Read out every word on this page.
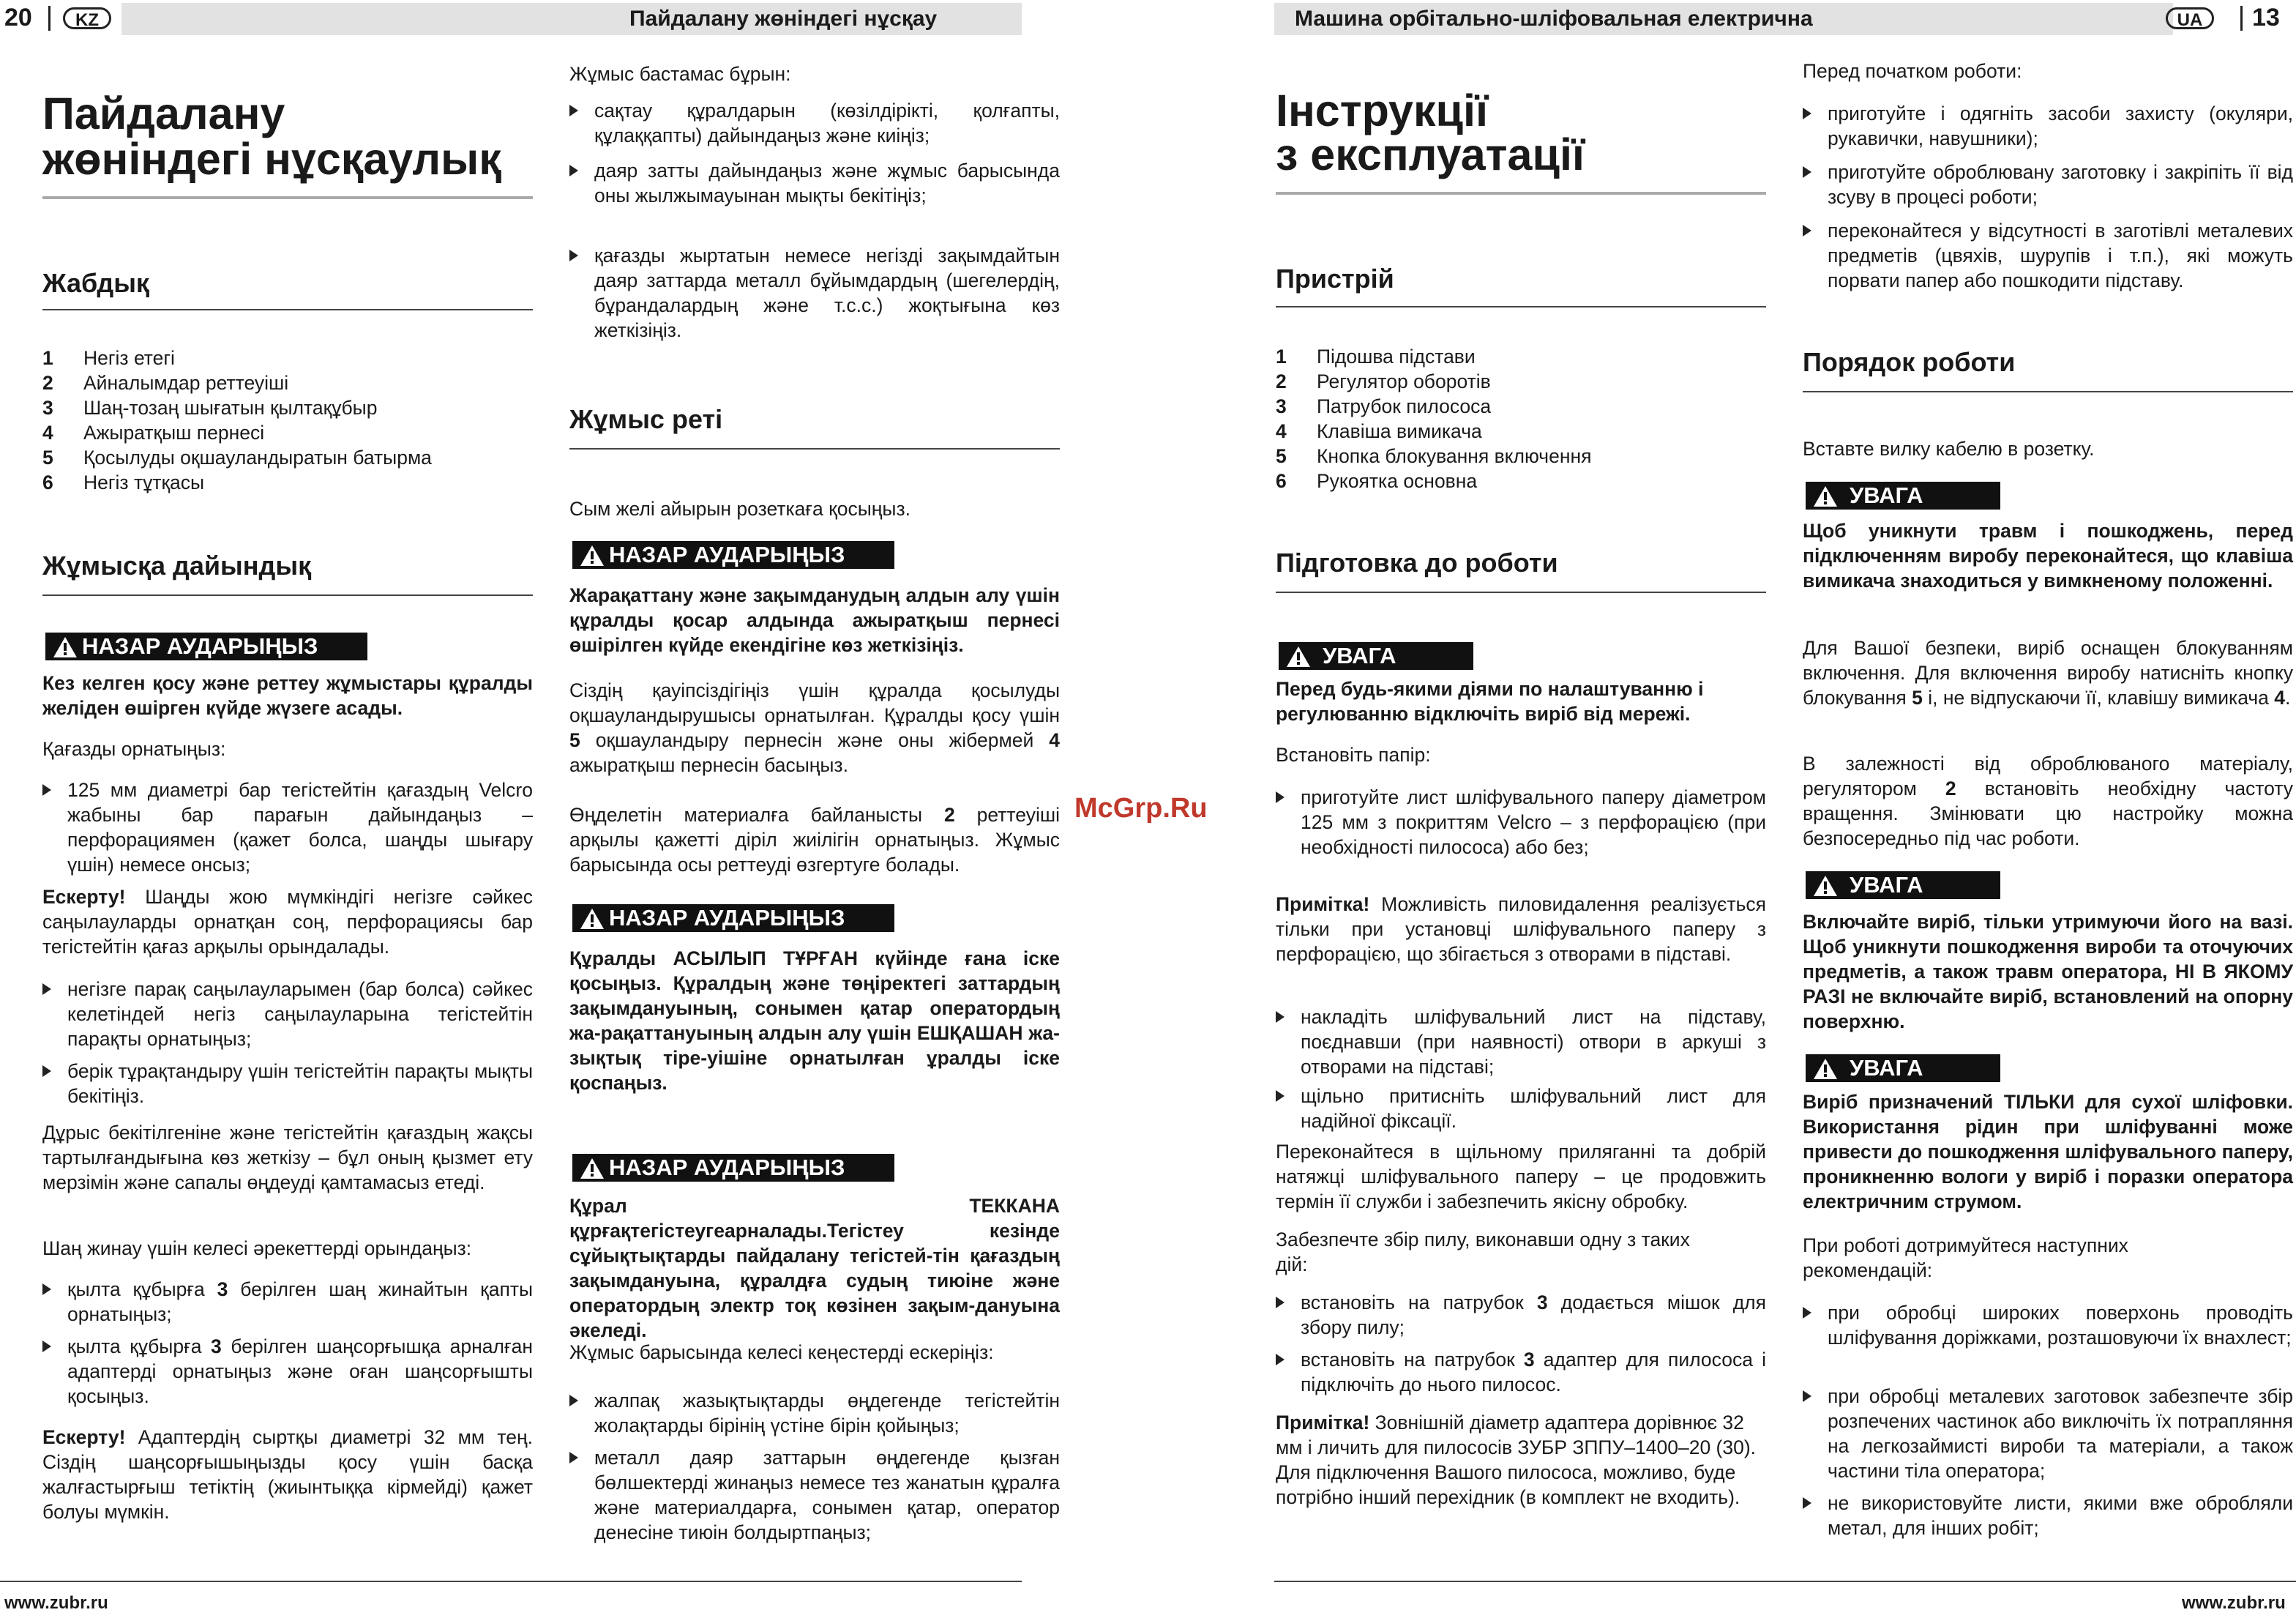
20	KZ	Пайдалану жөніндегі нұсқау
Пайдалану
жөніндегі нұсқаулық
Жабдық
1 Негіз етегі
2 Айналымдар реттеуіші
3 Шаң-тозаң шығатын қылтақұбыр
4 Ажыратқыш пернесі
5 Қосылуды оқшауландыратын батырма
6 Негіз тұтқасы
Жұмысқа дайындық
НАЗАР АУДАРЫҢЫЗ
Кез келген қосу және реттеу жұмыстары құралды желіден өшірген күйде жүзеге асады.
Қағазды орнатыңыз:
125 мм диаметрі бар тегістейтін қағаздың Velcro жабыны бар парағын дайындаңыз – перфорациямен (қажет болса, шаңды шығару үшін) немесе онсыз;
Ескерту! Шаңды жою мүмкіндігі негізге сәйкес саңылауларды орнатқан соң, перфорациясы бар тегістейтін қағаз арқылы орындалады.
негізге парақ саңылауларымен (бар болса) сәйкес келетіндей негіз саңылауларына тегістейтін парақты орнатыңыз;
берік тұрақтандыру үшін тегістейтін парақты мықты бекітіңіз.
Дұрыс бекітілгеніне және тегістейтін қағаздың жақсы тартылғандығына көз жеткізу – бұл оның қызмет ету мерзімін және сапалы өңдеуді қамтамасыз етеді.
Шаң жинау үшін келесі әрекеттерді орындаңыз:
қылта құбырға 3 берілген шаң жинайтын қапты орнатыңыз;
қылта құбырға 3 берілген шаңсорғышқа арналған адаптерді орнатыңыз және оған шаңсорғышты қосыңыз.
Ескерту! Адаптердің сыртқы диаметрі 32 мм тең. Сіздің шаңсорғышыңызды қосу үшін басқа жалғастырғыш тетіктің (жиынтыққа кірмейді) қажет болуы мүмкін.
Жұмыс бастамас бұрын:
сақтау құралдарын (көзілдірікті, қолғапты, құлаққапты) дайындаңыз және киіңіз;
даяр затты дайындаңыз және жұмыс барысында оны жылжымауынан мықты бекітіңіз;
қағазды жыртатын немесе негізді зақымдайтын даяр заттарда металл бұйымдардың (шегелердің, бұрандалардың және т.с.с.) жоқтығына көз жеткізіңіз.
Жұмыс реті
Сым желі айырын розеткаға қосыңыз.
НАЗАР АУДАРЫҢЫЗ
Жарақаттану және зақымданудың алдын алу үшін құралды қосар алдында ажыратқыш пернесі өшірілген күйде екендігіне көз жеткізіңіз.
Сіздің қауіпсіздігіңіз үшін құралда қосылуды оқшауландырушысы орнатылған. Құралды қосу үшін 5 оқшауландыру пернесін және оны жібермей 4 ажыратқыш пернесін басыңыз.
Өңделетін материалға байланысты 2 реттеуіші арқылы қажетті діріл жиілігін орнатыңыз. Жұмыс барысында осы реттеуді өзгертуге болады.
НАЗАР АУДАРЫҢЫЗ
Құралды АСЫЛЫП ТҰРҒАН күйінде ғана іске қосыңыз. Құралдың және төңіректегі заттардың зақымдануының, сонымен қатар оператордың жа-рақаттануының алдын алу үшін ЕШҚАШАН жа-зықтық тіре-уішіне орнатылған ұралды іске қоспаңыз.
НАЗАР АУДАРЫҢЫЗ
Құрал ТЕККАНА құрғақтегістеугеарналады.Тегістеу кезінде сұйықтықтарды пайдалану тегістей-тін қағаздың зақымдануына, құралдға судың тиюіне және оператордың электр тоқ көзінен зақым-дануына әкеледі.
Жұмыс барысында келесі кеңестерді ескеріңіз:
жалпақ жазықтықтарды өңдегенде тегістейтін жолақтарды бірінің үстіне бірін қойыңыз;
металл даяр заттарын өңдегенде қызған бөлшектерді жинаңыз немесе тез жанатын құралға және материалдарға, сонымен қатар, оператор денесіне тиюін болдыртпаңыз;
www.zubr.ru
Машина орбітально-шліфовальная електрична	UA	13
Інструкції
з експлуатації
Пристрій
1 Підошва підстави
2 Регулятор оборотів
3 Патрубок пилососа
4 Клавіша вимикача
5 Кнопка блокування включення
6 Рукоятка основна
Підготовка до роботи
УВАГА
Перед будь-якими діями по налаштуванню і регулюванню відключіть виріб від мережі.
Встановіть папір:
приготуйте лист шліфувального паперу діаметром 125 мм з покриттям Velcro – з перфорацією (при необхідності пилососа) або без;
Примітка! Можливість пиловидалення реалізується тільки при установці шліфувального паперу з перфорацією, що збігається з отворами в підставі.
накладіть шліфувальний лист на підставу, поєднавши (при наявності) отвори в аркуші з отворами на підставі;
щільно притисніть шліфувальний лист для надійної фіксації.
Переконайтеся в щільному приляганні та добрій натяжці шліфувального паперу – це продовжить термін її служби і забезпечить якісну обробку.
Забезпечте збір пилу, виконавши одну з таких дій:
встановіть на патрубок 3 додається мішок для збору пилу;
встановіть на патрубок 3 адаптер для пилососа і підключіть до нього пилосос.
Примітка! Зовнішній діаметр адаптера дорівнює 32 мм і личить для пилососів ЗУБР ЗППУ–1400–20 (30). Для підключення Вашого пилососа, можливо, буде потрібно інший перехідник (в комплект не входить).
Перед початком роботи:
приготуйте і одягніть засоби захисту (окуляри, рукавички, навушники);
приготуйте оброблювану заготовку і закріпіть її від зсуву в процесі роботи;
переконайтеся у відсутності в заготівлі металевих предметів (цвяхів, шурупів і т.п.), які можуть порвати папер або пошкодити підставу.
Порядок роботи
Вставте вилку кабелю в розетку.
УВАГА
Щоб уникнути травм і пошкоджень, перед підключенням виробу переконайтеся, що клавіша вимикача знаходиться у вимкненому положенні.
Для Вашої безпеки, виріб оснащен блокуванням включення. Для включення виробу натисніть кнопку блокування 5 і, не відпускаючи її, клавішу вимикача 4.
В залежності від оброблюваного матеріалу, регулятором 2 встановіть необхідну частоту вращення. Змінювати цю настройку можна безпосередньо під час роботи.
УВАГА
Включайте виріб, тільки утримуючи його на вазі. Щоб уникнути пошкодження вироби та оточуючих предметів, а також травм оператора, НІ В ЯКОМУ РАЗІ не включайте виріб, встановлений на опорну поверхню.
УВАГА
Виріб призначений ТІЛЬКИ для сухої шліфовки. Використання рідин при шліфуванні може привести до пошкодження шліфувального паперу, проникненню вологи у виріб і поразки оператора електричним струмом.
При роботі дотримуйтеся наступних рекомендацій:
при обробці широких поверхонь проводіть шліфування доріжками, розташовуючи їх внахлест;
при обробці металевих заготовок забезпечте збір розпечених частинок або виключіть їх потрапляння на легкозаймисті вироби та матеріали, а також частини тіла оператора;
не використовуйте листи, якими вже обробляли метал, для інших робіт;
www.zubr.ru
McGrp.Ru
